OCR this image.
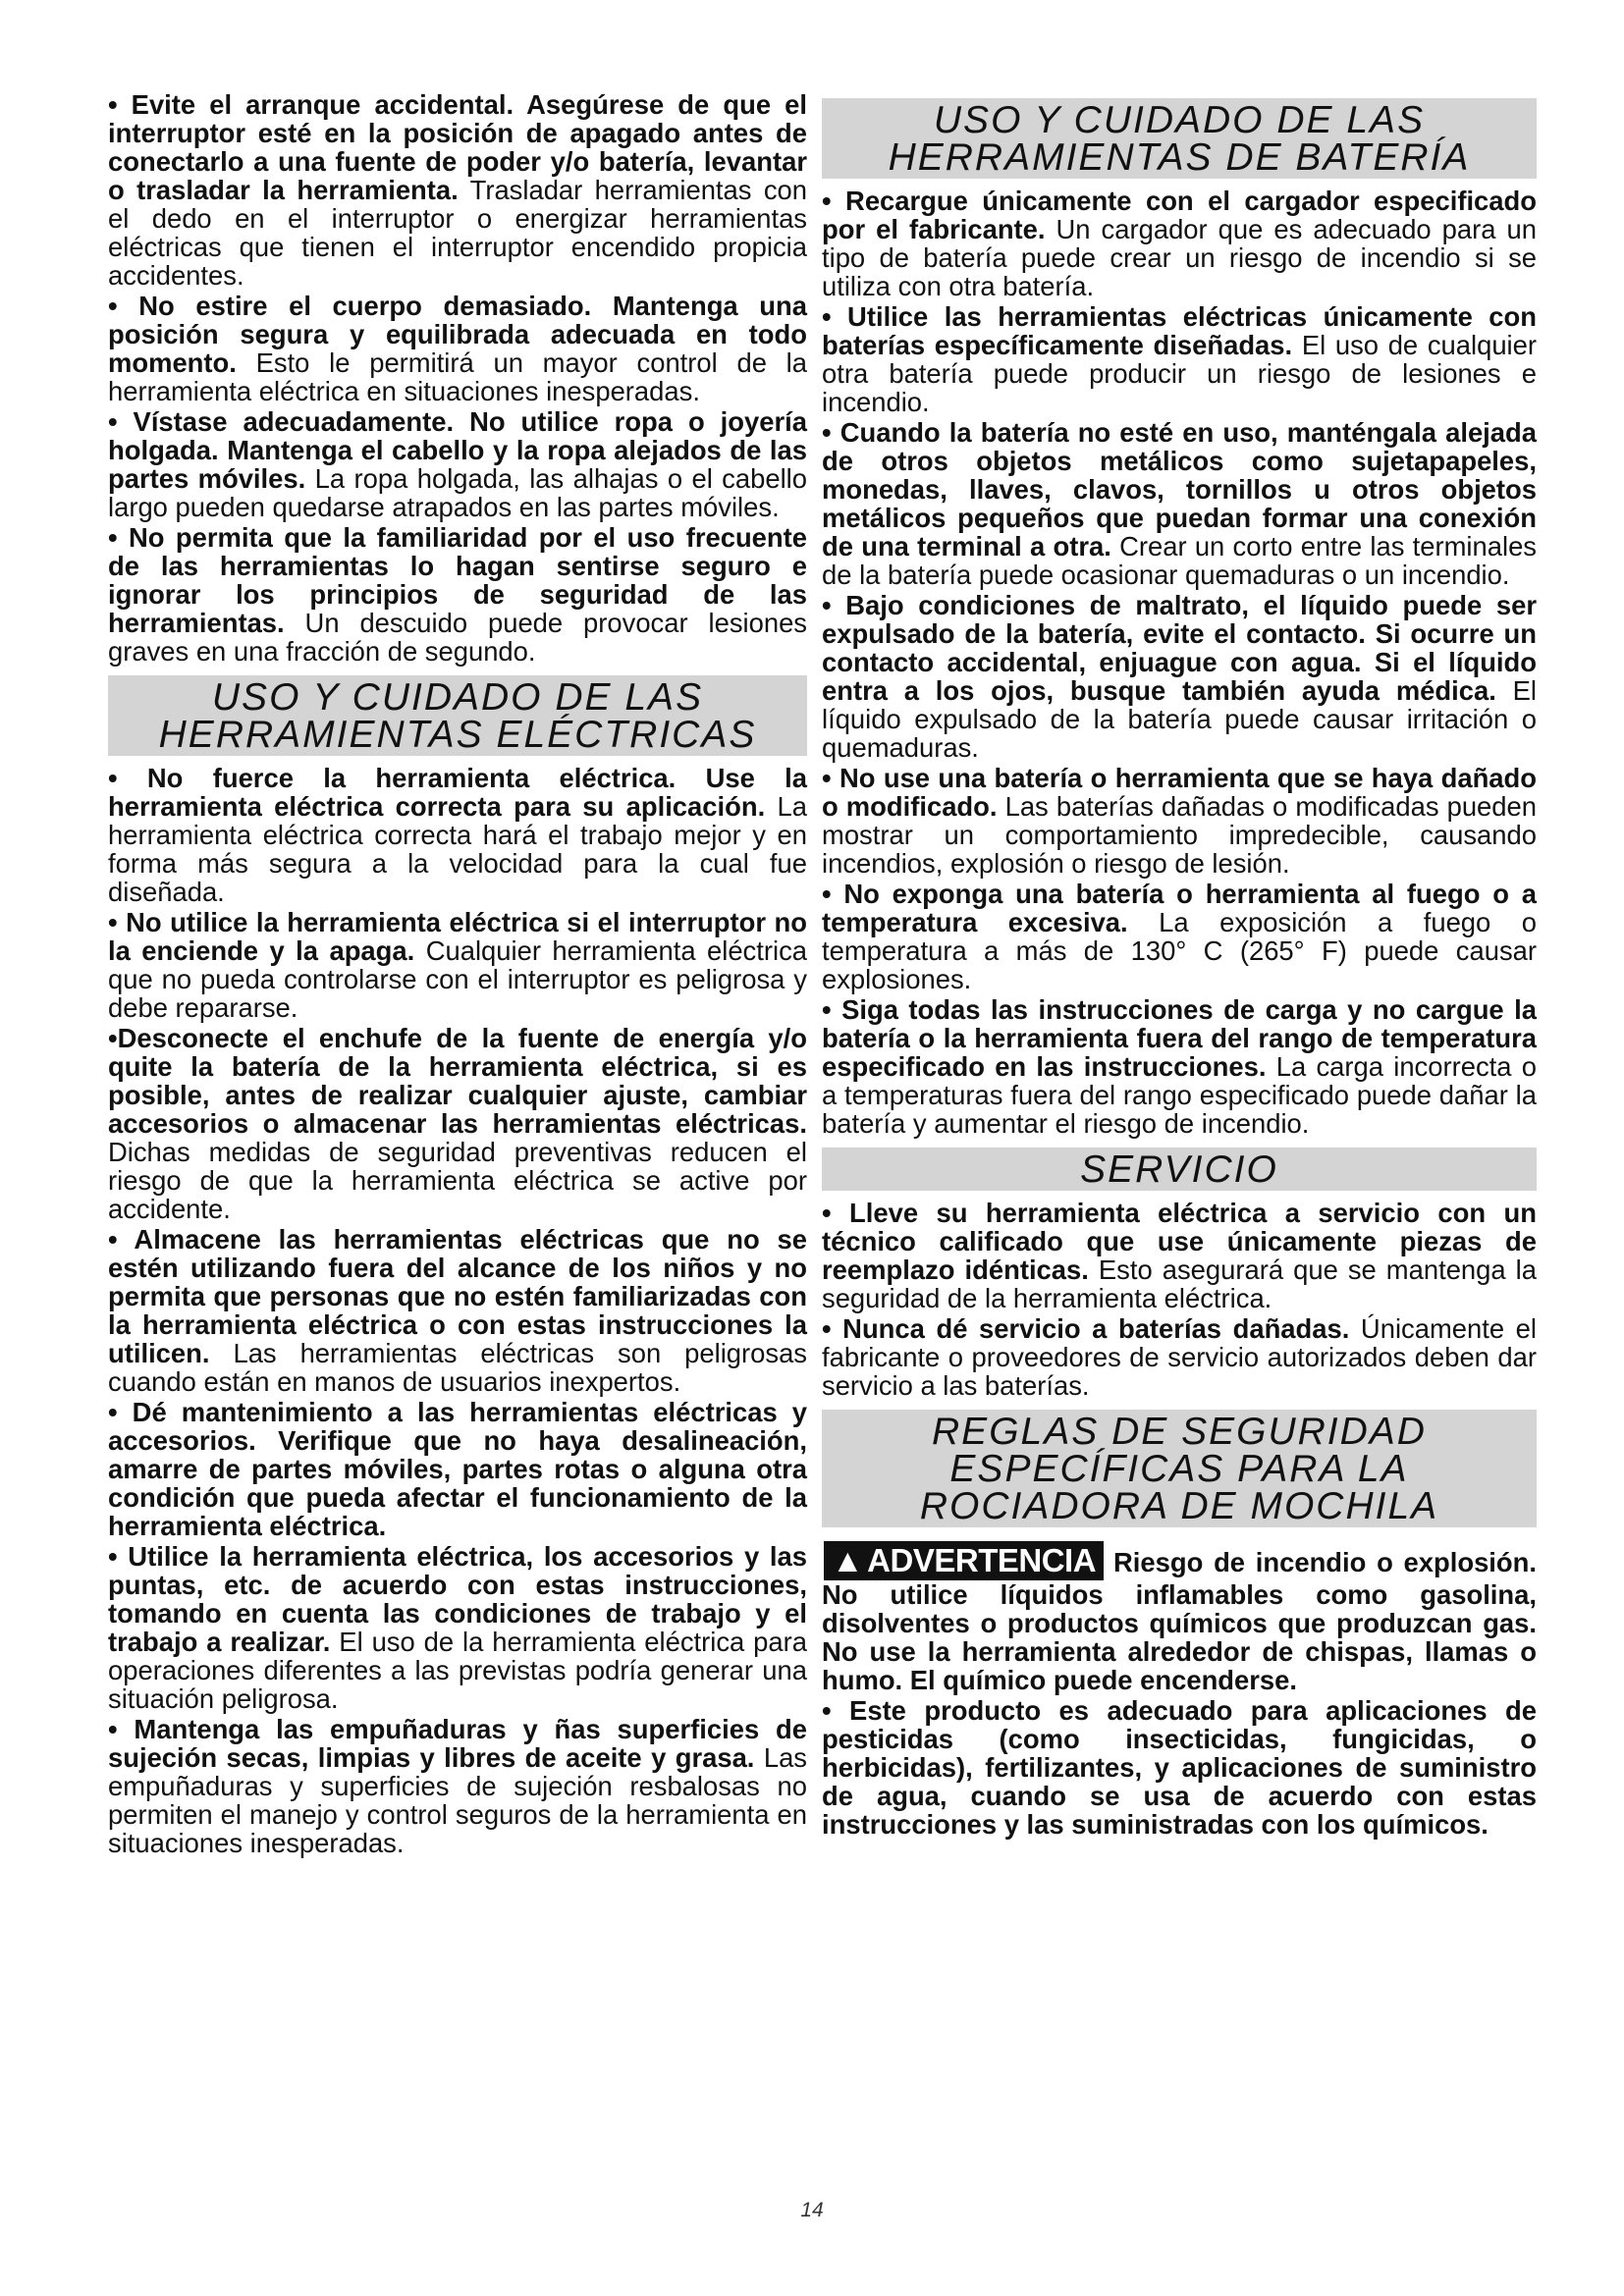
• Evite el arranque accidental. Asegúrese de que el interruptor esté en la posición de apagado antes de conectarlo a una fuente de poder y/o batería, levantar o trasladar la herramienta. Trasladar herramientas con el dedo en el interruptor o energizar herramientas eléctricas que tienen el interruptor encendido propicia accidentes.

• No estire el cuerpo demasiado. Mantenga una posición segura y equilibrada adecuada en todo momento. Esto le permitirá un mayor control de la herramienta eléctrica en situaciones inesperadas.

• Vístase adecuadamente. No utilice ropa o joyería holgada. Mantenga el cabello y la ropa alejados de las partes móviles. La ropa holgada, las alhajas o el cabello largo pueden quedarse atrapados en las partes móviles.

• No permita que la familiaridad por el uso frecuente de las herramientas lo hagan sentirse seguro e ignorar los principios de seguridad de las herramientas. Un descuido puede provocar lesiones graves en una fracción de segundo.

USO Y CUIDADO DE LAS
HERRAMIENTAS ELÉCTRICAS

• No fuerce la herramienta eléctrica. Use la herramienta eléctrica correcta para su aplicación. La herramienta eléctrica correcta hará el trabajo mejor y en forma más segura a la velocidad para la cual fue diseñada.

• No utilice la herramienta eléctrica si el interruptor no la enciende y la apaga. Cualquier herramienta eléctrica que no pueda controlarse con el interruptor es peligrosa y debe repararse.

•Desconecte el enchufe de la fuente de energía y/o quite la batería de la herramienta eléctrica, si es posible, antes de realizar cualquier ajuste, cambiar accesorios o almacenar las herramientas eléctricas. Dichas medidas de seguridad preventivas reducen el riesgo de que la herramienta eléctrica se active por accidente.

• Almacene las herramientas eléctricas que no se estén utilizando fuera del alcance de los niños y no permita que personas que no estén familiarizadas con la herramienta eléctrica o con estas instrucciones la utilicen. Las herramientas eléctricas son peligrosas cuando están en manos de usuarios inexpertos.

• Dé mantenimiento a las herramientas eléctricas y accesorios. Verifique que no haya desalineación, amarre de partes móviles, partes rotas o alguna otra condición que pueda afectar el funcionamiento de la herramienta eléctrica.

• Utilice la herramienta eléctrica, los accesorios y las puntas, etc. de acuerdo con estas instrucciones, tomando en cuenta las condiciones de trabajo y el trabajo a realizar. El uso de la herramienta eléctrica para operaciones diferentes a las previstas podría generar una situación peligrosa.

• Mantenga las empuñaduras y ñas superficies de sujeción secas, limpias y libres de aceite y grasa. Las empuñaduras y superficies de sujeción resbalosas no permiten el manejo y control seguros de la herramienta en situaciones inesperadas.

USO Y CUIDADO DE LAS
HERRAMIENTAS DE BATERÍA

• Recargue únicamente con el cargador especificado por el fabricante. Un cargador que es adecuado para un tipo de batería puede crear un riesgo de incendio si se utiliza con otra batería.

• Utilice las herramientas eléctricas únicamente con baterías específicamente diseñadas. El uso de cualquier otra batería puede producir un riesgo de lesiones e incendio.

• Cuando la batería no esté en uso, manténgala alejada de otros objetos metálicos como sujetapapeles, monedas, llaves, clavos, tornillos u otros objetos metálicos pequeños que puedan formar una conexión de una terminal a otra. Crear un corto entre las terminales de la batería puede ocasionar quemaduras o un incendio.

• Bajo condiciones de maltrato, el líquido puede ser expulsado de la batería, evite el contacto. Si ocurre un contacto accidental, enjuague con agua. Si el líquido entra a los ojos, busque también ayuda médica. El líquido expulsado de la batería puede causar irritación o quemaduras.

• No use una batería o herramienta que se haya dañado o modificado. Las baterías dañadas o modificadas pueden mostrar un comportamiento impredecible, causando incendios, explosión o riesgo de lesión.

• No exponga una batería o herramienta al fuego o a temperatura excesiva. La exposición a fuego o temperatura a más de 130° C (265° F) puede causar explosiones.

• Siga todas las instrucciones de carga y no cargue la batería o la herramienta fuera del rango de temperatura especificado en las instrucciones. La carga incorrecta o a temperaturas fuera del rango especificado puede dañar la batería y aumentar el riesgo de incendio.

SERVICIO

• Lleve su herramienta eléctrica a servicio con un técnico calificado que use únicamente piezas de reemplazo idénticas. Esto asegurará que se mantenga la seguridad de la herramienta eléctrica.

• Nunca dé servicio a baterías dañadas. Únicamente el fabricante o proveedores de servicio autorizados deben dar servicio a las baterías.

REGLAS DE SEGURIDAD
ESPECÍFICAS PARA LA
ROCIADORA DE MOCHILA

▲ ADVERTENCIA Riesgo de incendio o explosión. No utilice líquidos inflamables como gasolina, disolventes o productos químicos que produzcan gas. No use la herramienta alrededor de chispas, llamas o humo. El químico puede encenderse.

• Este producto es adecuado para aplicaciones de pesticidas (como insecticidas, fungicidas, o herbicidas), fertilizantes, y aplicaciones de suministro de agua, cuando se usa de acuerdo con estas instrucciones y las suministradas con los químicos.

14
